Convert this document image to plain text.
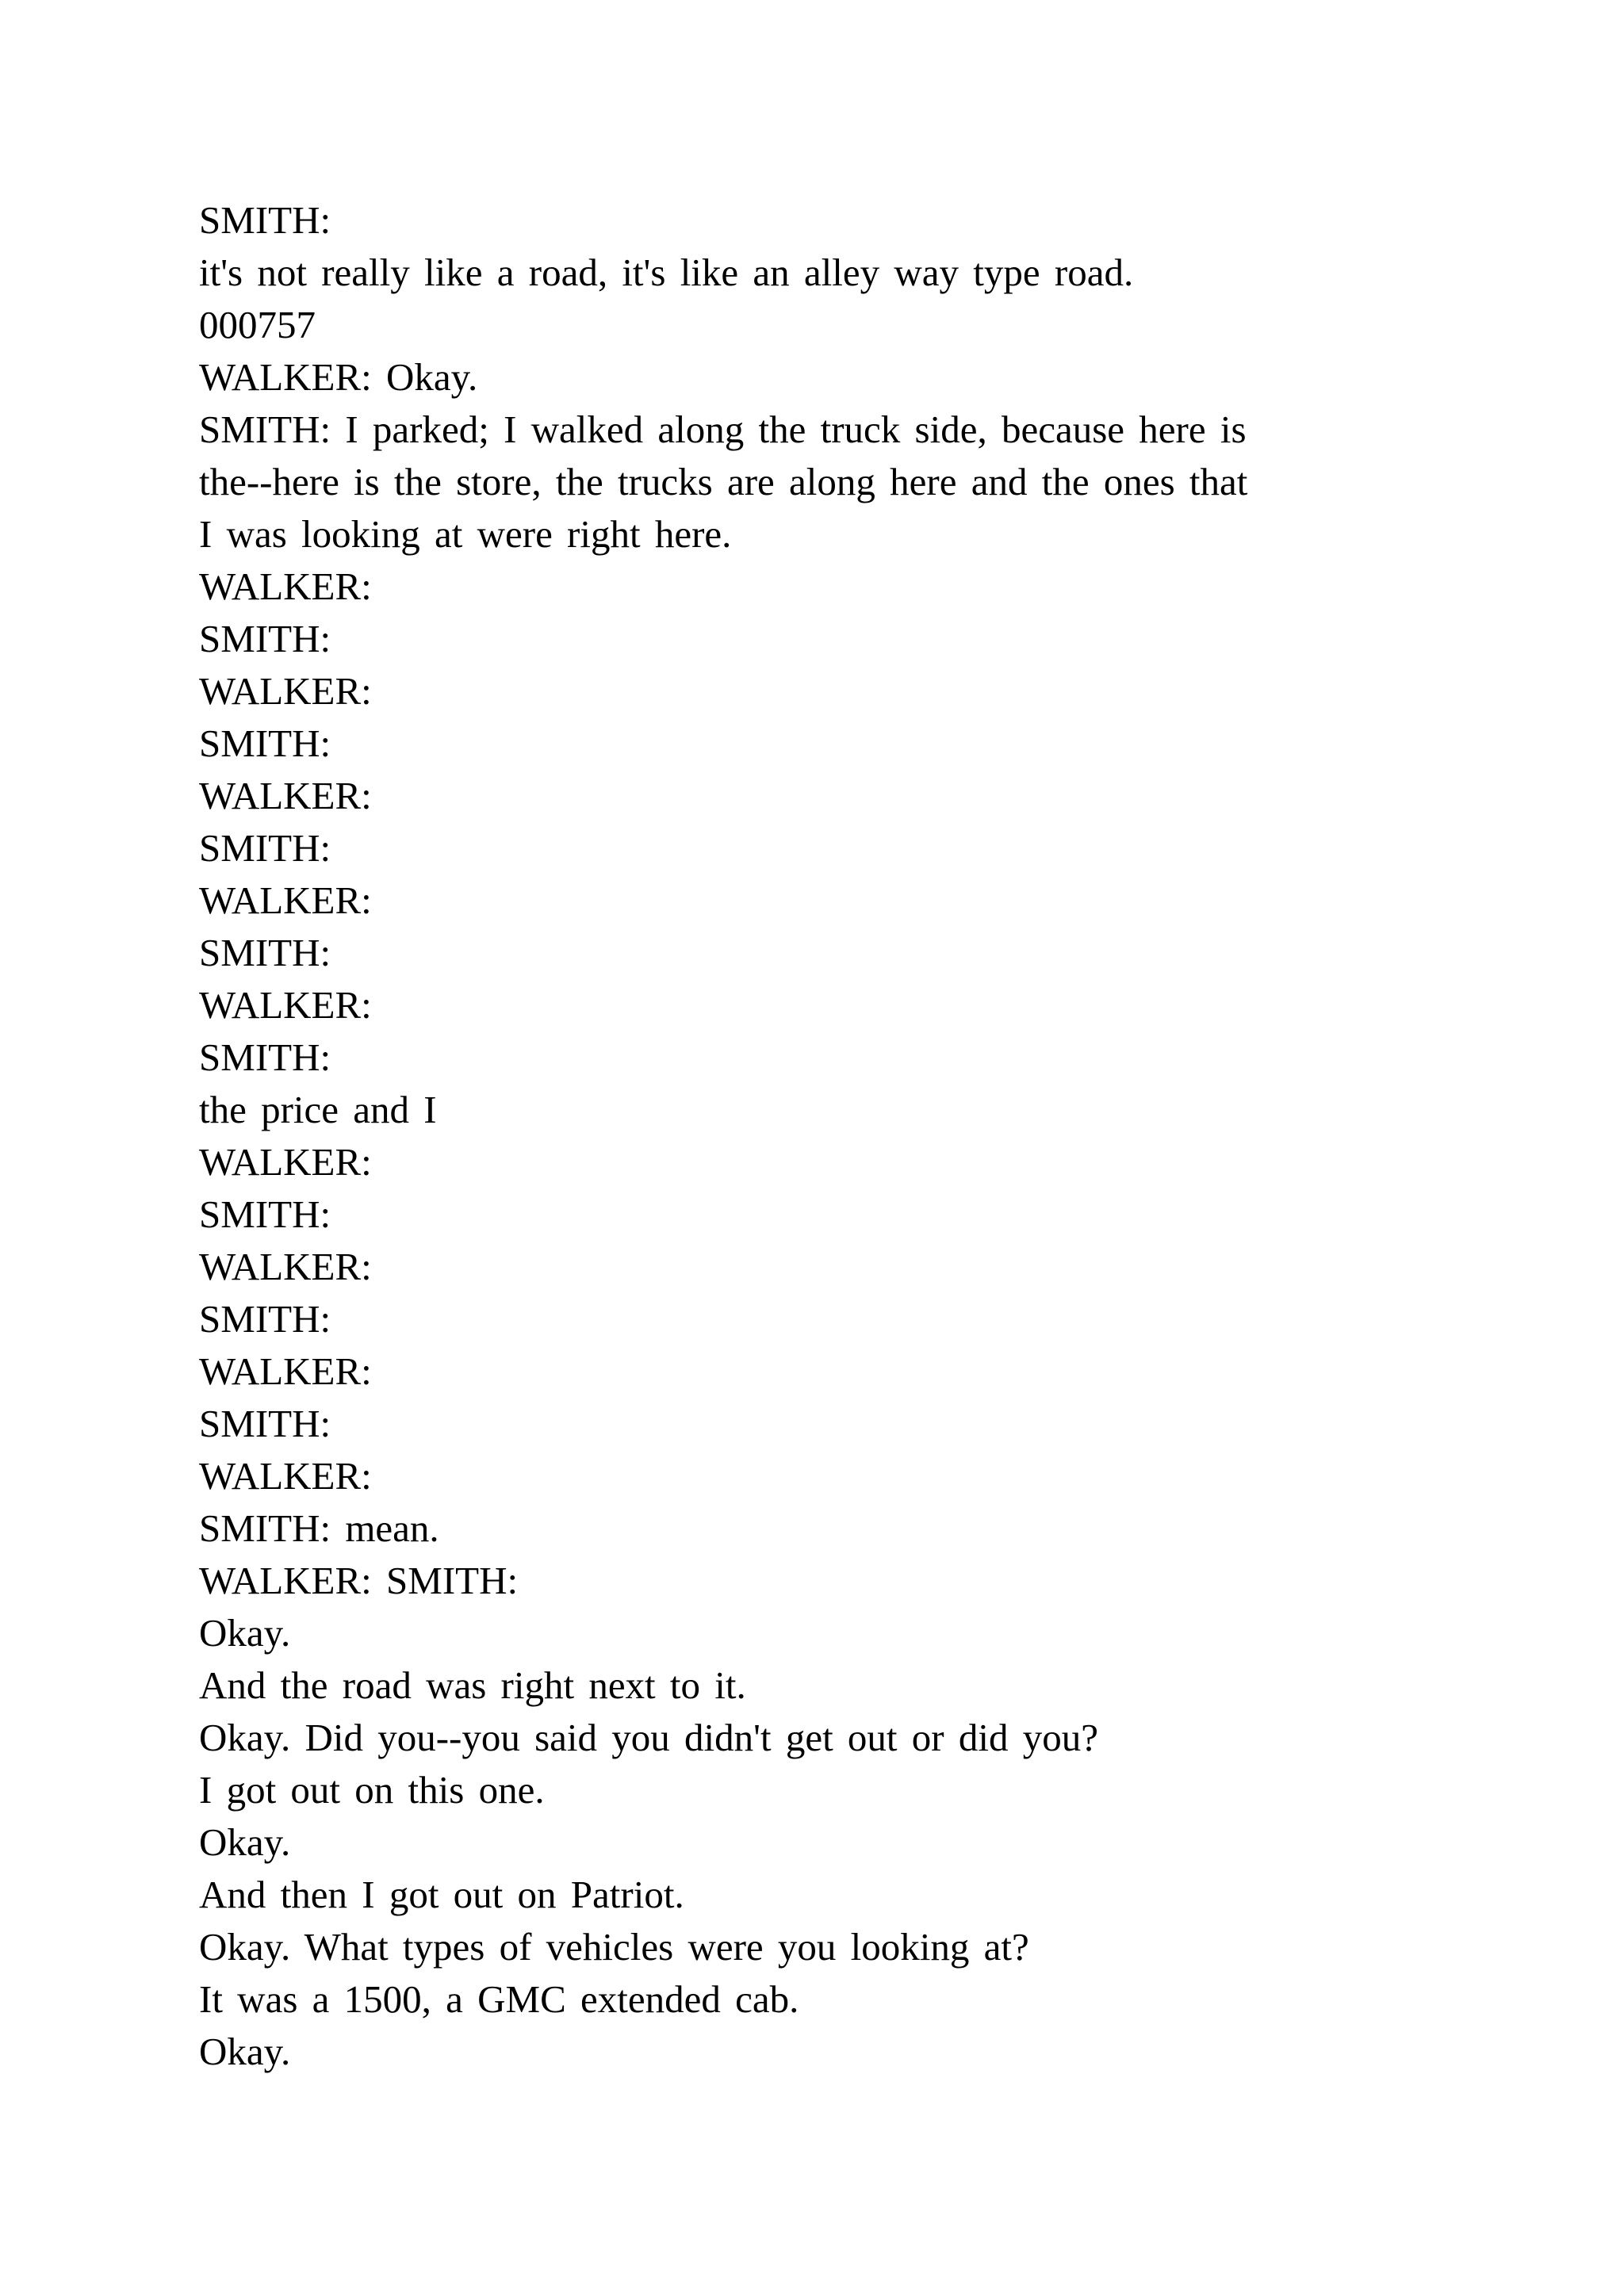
SMITH:
it's not really like a road, it's like an alley way type road.
000757
WALKER: Okay.
SMITH: I parked; I walked along the truck side, because here is
the--here is the store, the trucks are along here and the ones that
I was looking at were right here.
WALKER:
SMITH:
WALKER:
SMITH:
WALKER:
SMITH:
WALKER:
SMITH:
WALKER:
SMITH:
the price and I
WALKER:
SMITH:
WALKER:
SMITH:
WALKER:
SMITH:
WALKER:
SMITH: mean.
WALKER: SMITH:
Okay.
And the road was right next to it.
Okay. Did you--you said you didn't get out or did you?
I got out on this one.
Okay.
And then I got out on Patriot.
Okay. What types of vehicles were you looking at?
It was a 1500, a GMC extended cab.
Okay.
